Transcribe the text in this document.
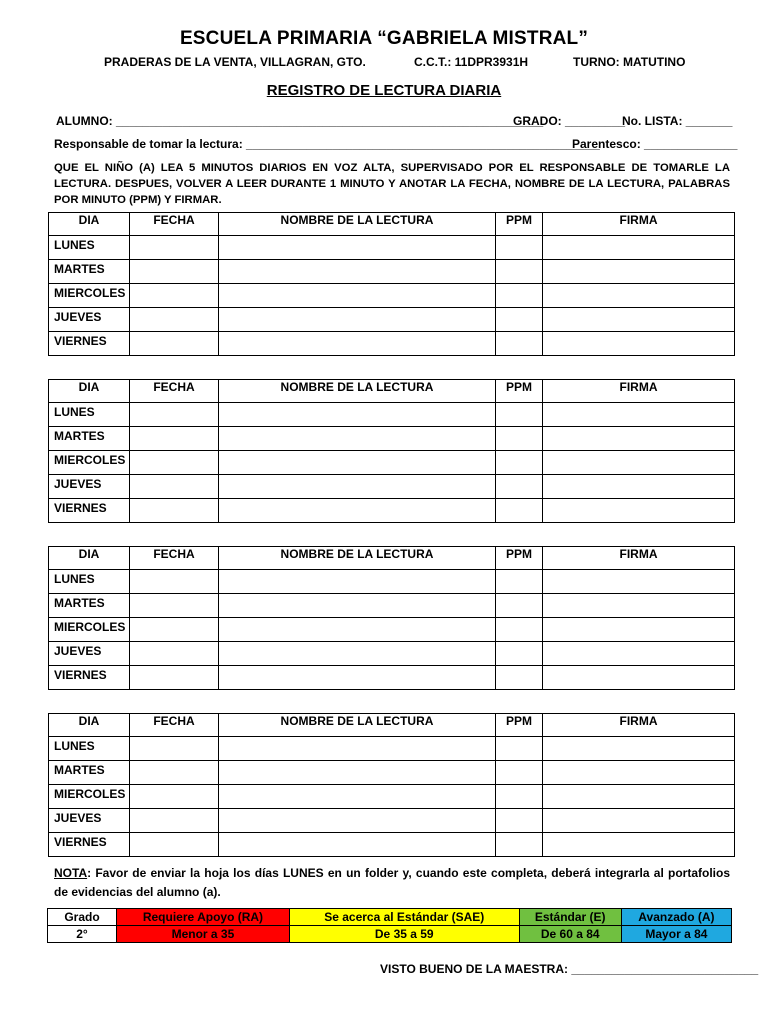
ESCUELA PRIMARIA “GABRIELA MISTRAL”
PRADERAS DE LA VENTA, VILLAGRAN, GTO.	C.C.T.: 11DPR3931H	TURNO: MATUTINO
REGISTRO DE LECTURA DIARIA
ALUMNO: ________________________________________________________________
GRADO: _________
No. LISTA: _______
Responsable de tomar la lectura: _____________________________________________________
Parentesco: ______________
QUE EL NIÑO (A) LEA 5 MINUTOS DIARIOS EN VOZ ALTA, SUPERVISADO POR EL RESPONSABLE DE TOMARLE LA LECTURA. DESPUES, VOLVER A LEER DURANTE 1 MINUTO Y ANOTAR LA FECHA, NOMBRE DE LA LECTURA, PALABRAS POR MINUTO (PPM) Y FIRMAR.
DIA	FECHA	NOMBRE DE LA LECTURA	PPM	FIRMA
LUNES				
MARTES				
MIERCOLES				
JUEVES				
VIERNES				
DIA	FECHA	NOMBRE DE LA LECTURA	PPM	FIRMA
LUNES				
MARTES				
MIERCOLES				
JUEVES				
VIERNES				
DIA	FECHA	NOMBRE DE LA LECTURA	PPM	FIRMA
LUNES				
MARTES				
MIERCOLES				
JUEVES				
VIERNES				
DIA	FECHA	NOMBRE DE LA LECTURA	PPM	FIRMA
LUNES				
MARTES				
MIERCOLES				
JUEVES				
VIERNES				
NOTA: Favor de enviar la hoja los días LUNES en un folder y, cuando este completa, deberá integrarla al portafolios de evidencias del alumno (a).
Grado	Requiere Apoyo (RA)	Se acerca al Estándar (SAE)	Estándar (E)	Avanzado (A)
2°	Menor a 35	De 35 a 59	De 60 a 84	Mayor a 84
VISTO BUENO DE LA MAESTRA: ____________________________
